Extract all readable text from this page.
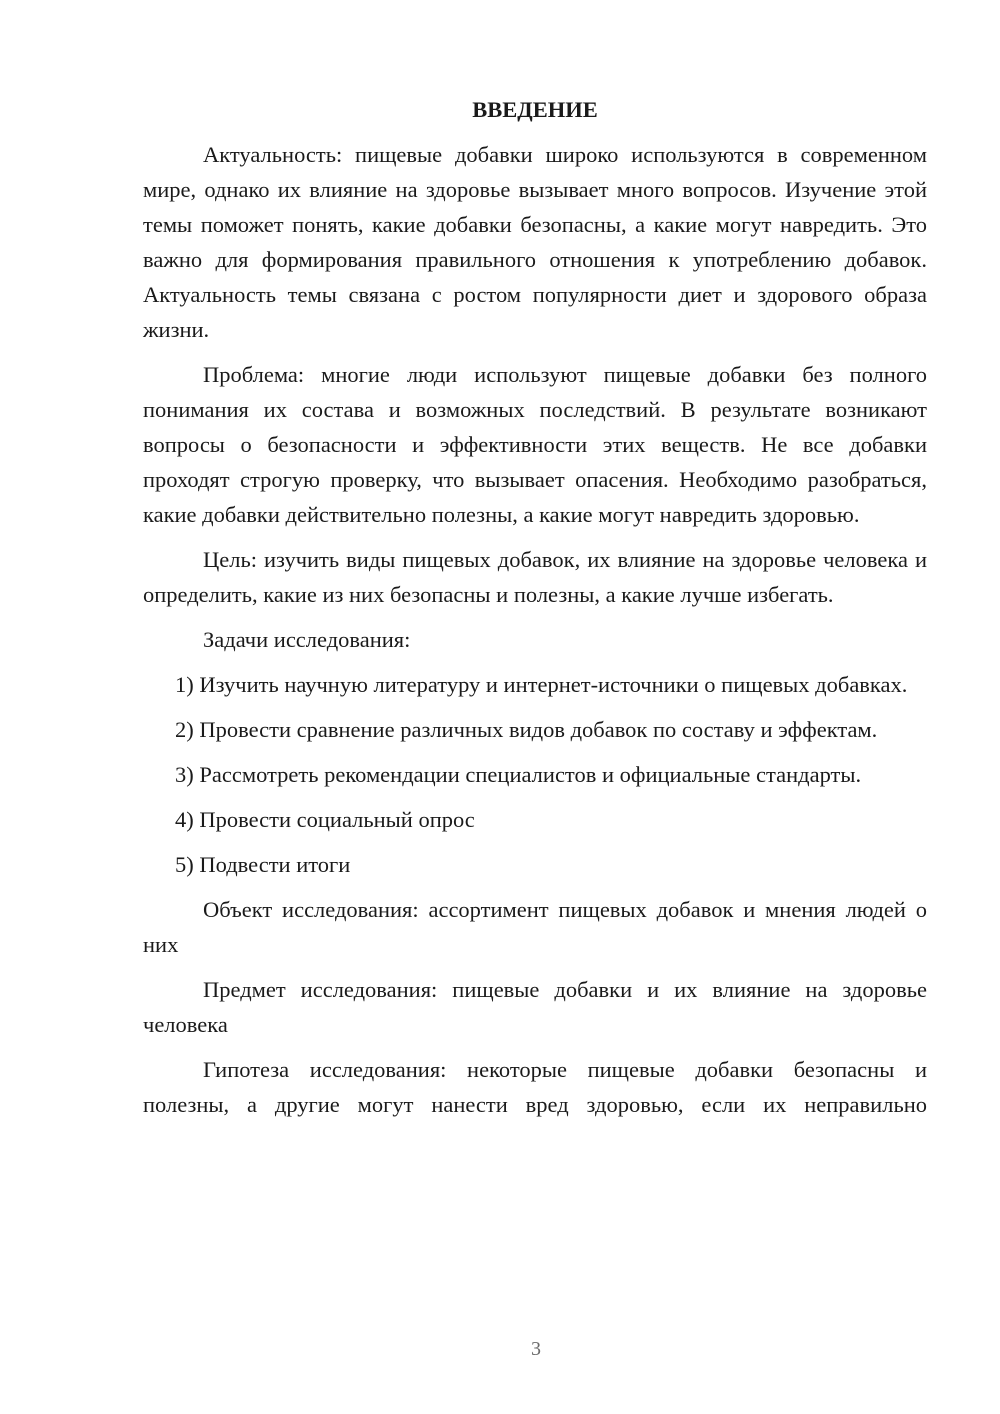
ВВЕДЕНИЕ

Актуальность: пищевые добавки широко используются в современном мире, однако их влияние на здоровье вызывает много вопросов. Изучение этой темы поможет понять, какие добавки безопасны, а какие могут навредить. Это важно для формирования правильного отношения к употреблению добавок. Актуальность темы связана с ростом популярности диет и здорового образа жизни.

Проблема: многие люди используют пищевые добавки без полного понимания их состава и возможных последствий. В результате возникают вопросы о безопасности и эффективности этих веществ. Не все добавки проходят строгую проверку, что вызывает опасения. Необходимо разобраться, какие добавки действительно полезны, а какие могут навредить здоровью.

Цель: изучить виды пищевых добавок, их влияние на здоровье человека и определить, какие из них безопасны и полезны, а какие лучше избегать.

Задачи исследования:

1) Изучить научную литературу и интернет-источники о пищевых добавках.

2) Провести сравнение различных видов добавок по составу и эффектам.

3) Рассмотреть рекомендации специалистов и официальные стандарты.

4) Провести социальный опрос

5) Подвести итоги

Объект исследования: ассортимент пищевых добавок и мнения людей о них

Предмет исследования: пищевые добавки и их влияние на здоровье человека

Гипотеза исследования: некоторые пищевые добавки безопасны и полезны, а другие могут нанести вред здоровью, если их неправильно

3
